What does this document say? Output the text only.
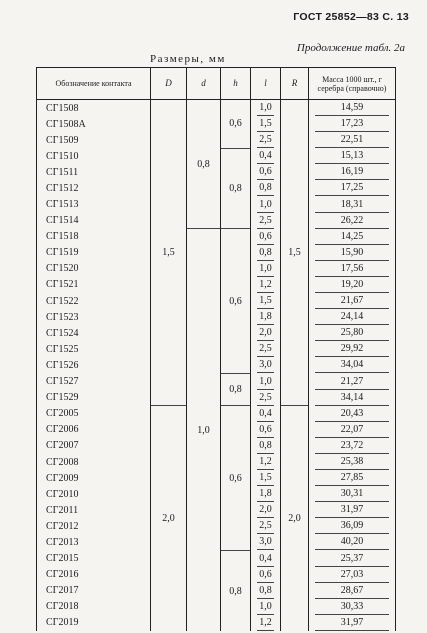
ГОСТ 25852—83 С. 13
Продолжение табл. 2а
Размеры, мм
Обозначение контакта	D	d	h	l	R	Масса 1000 шт., г серебра (справочно)
СГ1508	1,5	0,8	0,6	1,0	1,5	14,59

СГ1508А				1,5		17,23

СГ1509				2,5		22,51

СГ1510			0,8	0,4		15,13

СГ1511				0,6		16,19

СГ1512				0,8		17,25

СГ1513				1,0		18,31

СГ1514				2,5		26,22

СГ1518		1,0	0,6	0,6		14,25

СГ1519				0,8		15,90

СГ1520				1,0		17,56

СГ1521				1,2		19,20

СГ1522				1,5		21,67

СГ1523				1,8		24,14

СГ1524				2,0		25,80

СГ1525				2,5		29,92

СГ1526				3,0		34,04

СГ1527			0,8	1,0		21,27

СГ1529				2,5		34,14

СГ2005	2,0		0,6	0,4	2,0	20,43

СГ2006				0,6		22,07

СГ2007				0,8		23,72

СГ2008				1,2		25,38

СГ2009				1,5		27,85

СГ2010				1,8		30,31

СГ2011				2,0		31,97

СГ2012				2,5		36,09

СГ2013				3,0		40,20

СГ2015			0,8	0,4		25,37

СГ2016				0,6		27,03

СГ2017				0,8		28,67

СГ2018				1,0		30,33

СГ2019				1,2		31,97
